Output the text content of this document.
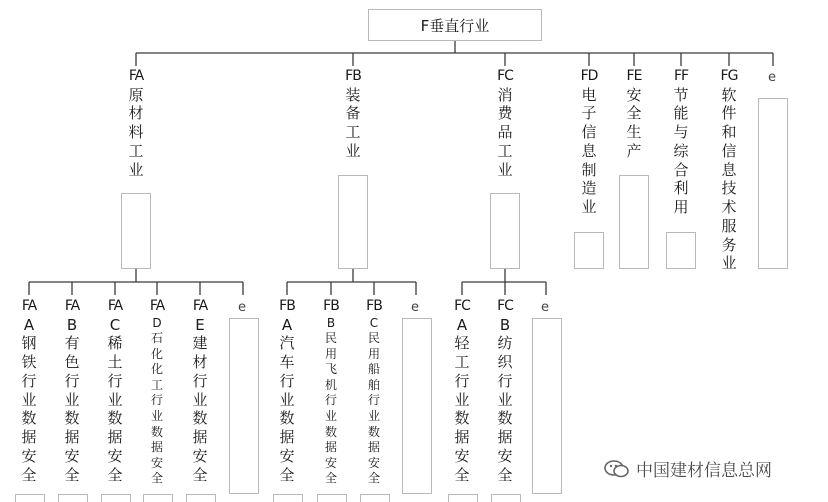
F垂直行业
FA
原材料工业
FB
装备工业
FC
消费品工业
FD
电子信息制造业
FE
安全生产
FF
节能与综合利用
FG
软件和信息技术服务业
e
FA
A
钢铁行业数据安全
FA
B
有色行业数据安全
FA
C
稀土行业数据安全
FA
D
石化化工行业数据安全
FA
E
建材行业数据安全
e FB
A
汽车行业数据安全
FB
B
民用飞机行业数据安全
FB
C
民用船舶行业数据安全
e	FC
A
轻工行业数据安全
FC
B
纺织行业数据安全
e
中国建材信息总网
